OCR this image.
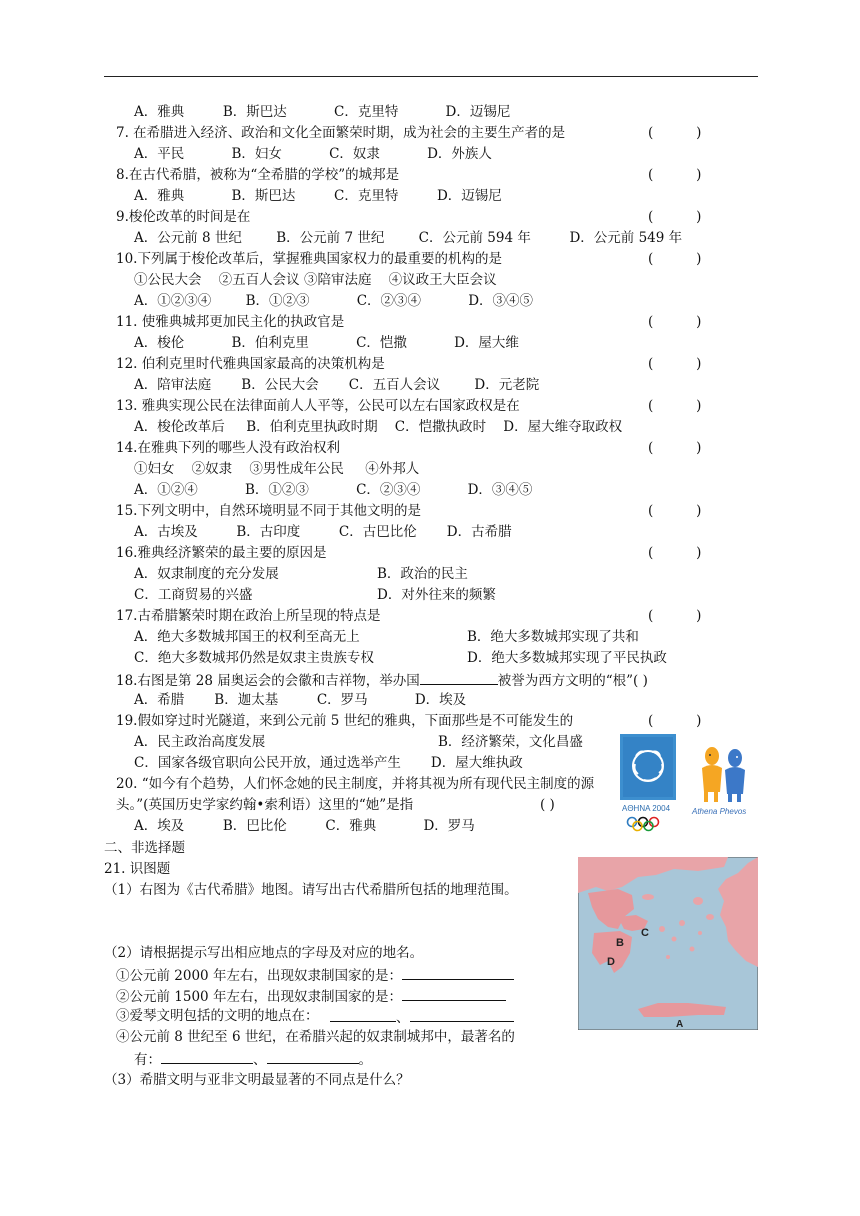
A．雅典         B．斯巴达           C．克里特           D．迈锡尼
7. 在希腊进入经济、政治和文化全面繁荣时期，成为社会的主要生产者的是
A．平民           B．妇女           C．奴隶           D．外族人
8.在古代希腊，被称为“全希腊的学校”的城邦是
A．雅典           B．斯巴达         C．克里特         D．迈锡尼
9.梭伦改革的时间是在
A．公元前 8 世纪        B．公元前 7 世纪        C．公元前 594 年         D．公元前 549 年
10.下列属于梭伦改革后，掌握雅典国家权力的最重要的机构的是
①公民大会    ②五百人会议 ③陪审法庭    ④议政王大臣会议
A．①②③④        B．①②③           C．②③④           D．③④⑤
11. 使雅典城邦更加民主化的执政官是
A．梭伦           B．伯利克里           C．恺撒           D．屋大维
12. 伯利克里时代雅典国家最高的决策机构是
A．陪审法庭       B．公民大会       C．五百人会议        D．元老院
13. 雅典实现公民在法律面前人人平等，公民可以左右国家政权是在
A．梭伦改革后     B．伯利克里执政时期    C．恺撒执政时    D．屋大维夺取政权
14.在雅典下列的哪些人没有政治权利
①妇女    ②奴隶    ③男性成年公民     ④外邦人
A．①②④           B．①②③           C．②③④           D．③④⑤
15.下列文明中，自然环境明显不同于其他文明的是
A．古埃及         B．古印度         C．古巴比伦       D．古希腊
16.雅典经济繁荣的最主要的原因是
A．奴隶制度的充分发展	B．政治的民主
C．工商贸易的兴盛	D．对外往来的频繁
17.古希腊繁荣时期在政治上所呈现的特点是
A．绝大多数城邦国王的权利至高无上	B．绝大多数城邦实现了共和
C．绝大多数城邦仍然是奴隶主贵族专权	D．绝大多数城邦实现了平民执政
A．希腊       B．迦太基         C．罗马           D．埃及
19.假如穿过时光隧道，来到公元前 5 世纪的雅典，下面那些是不可能发生的
A．民主政治高度发展	B．经济繁荣，文化昌盛
C．国家各级官职向公民开放，通过选举产生       D．屋大维执政
20. “如今有个趋势，人们怀念她的民主制度，并将其视为所有现代民主制度的源
头。”(英国历史学家约翰•索利语）这里的“她”是指
A．埃及         B．巴比伦         C．雅典           D．罗马
二、非选择题
21. 识图题
（1）右图为《古代希腊》地图。请写出古代希腊所包括的地理范围。
（2）请根据提示写出相应地点的字母及对应的地名。
③爱琴文明包括的文明的地点在：
④公元前 8 世纪至 6 世纪，在希腊兴起的奴隶制城邦中，最著名的
（3）希腊文明与亚非文明最显著的不同点是什么？
(          )
(          )
(          )
(          )
(          )
(          )
(          )
(          )
(          )
(          )
(          )
(          )
18.右图是第 28 届奥运会的会徽和吉祥物，举办国	被誉为西方文明的“根”( )
( )
①公元前 2000 年左右，出现奴隶制国家的是：
②公元前 1500 年左右，出现奴隶制国家的是：
、
有：	、	。
AΘHNA 2004	Athena Phevos
B
C
D
A
